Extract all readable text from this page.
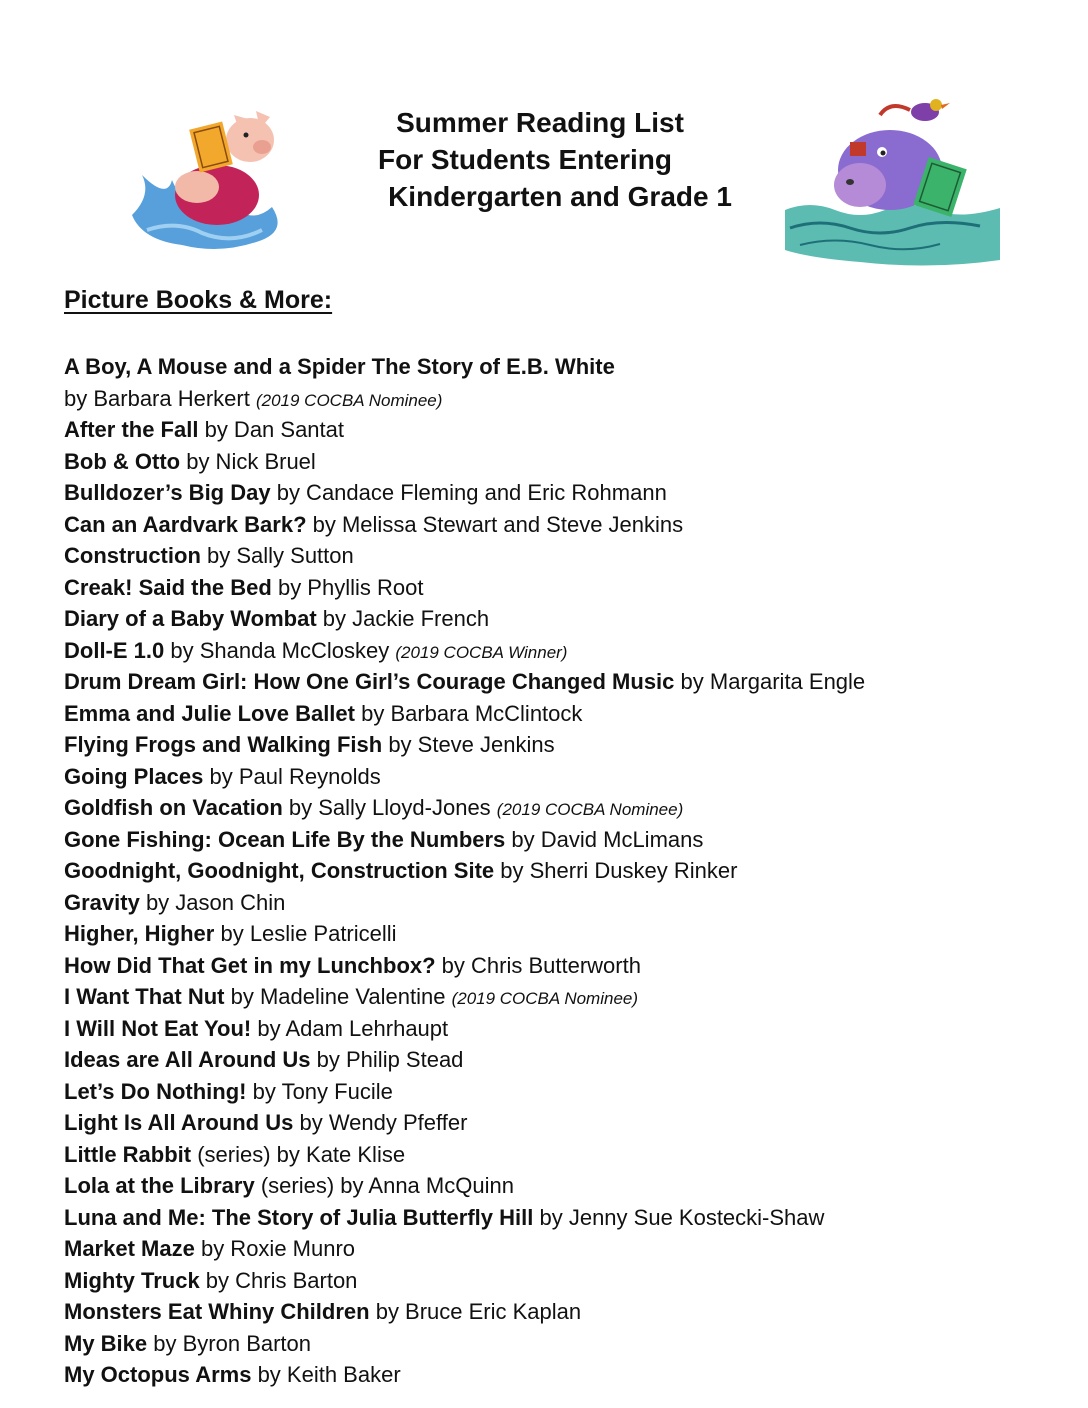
Summer Reading List
For Students Entering
Kindergarten and Grade 1
Picture Books & More:
A Boy, A Mouse and a Spider The Story of E.B. White
by Barbara Herkert (2019 COCBA Nominee)
After the Fall by Dan Santat
Bob & Otto by Nick Bruel
Bulldozer’s Big Day by Candace Fleming and Eric Rohmann
Can an Aardvark Bark? by Melissa Stewart and Steve Jenkins
Construction by Sally Sutton
Creak! Said the Bed by Phyllis Root
Diary of a Baby Wombat by Jackie French
Doll-E 1.0 by Shanda McCloskey (2019 COCBA Winner)
Drum Dream Girl: How One Girl’s Courage Changed Music by Margarita Engle
Emma and Julie Love Ballet by Barbara McClintock
Flying Frogs and Walking Fish by Steve Jenkins
Going Places by Paul Reynolds
Goldfish on Vacation by Sally Lloyd-Jones (2019 COCBA Nominee)
Gone Fishing: Ocean Life By the Numbers by David McLimans
Goodnight, Goodnight, Construction Site by Sherri Duskey Rinker
Gravity by Jason Chin
Higher, Higher by Leslie Patricelli
How Did That Get in my Lunchbox? by Chris Butterworth
I Want That Nut by Madeline Valentine (2019 COCBA Nominee)
I Will Not Eat You! by Adam Lehrhaupt
Ideas are All Around Us by Philip Stead
Let’s Do Nothing! by Tony Fucile
Light Is All Around Us by Wendy Pfeffer
Little Rabbit (series) by Kate Klise
Lola at the Library (series) by Anna McQuinn
Luna and Me: The Story of Julia Butterfly Hill by Jenny Sue Kostecki-Shaw
Market Maze by Roxie Munro
Mighty Truck by Chris Barton
Monsters Eat Whiny Children by Bruce Eric Kaplan
My Bike by Byron Barton
My Octopus Arms by Keith Baker
